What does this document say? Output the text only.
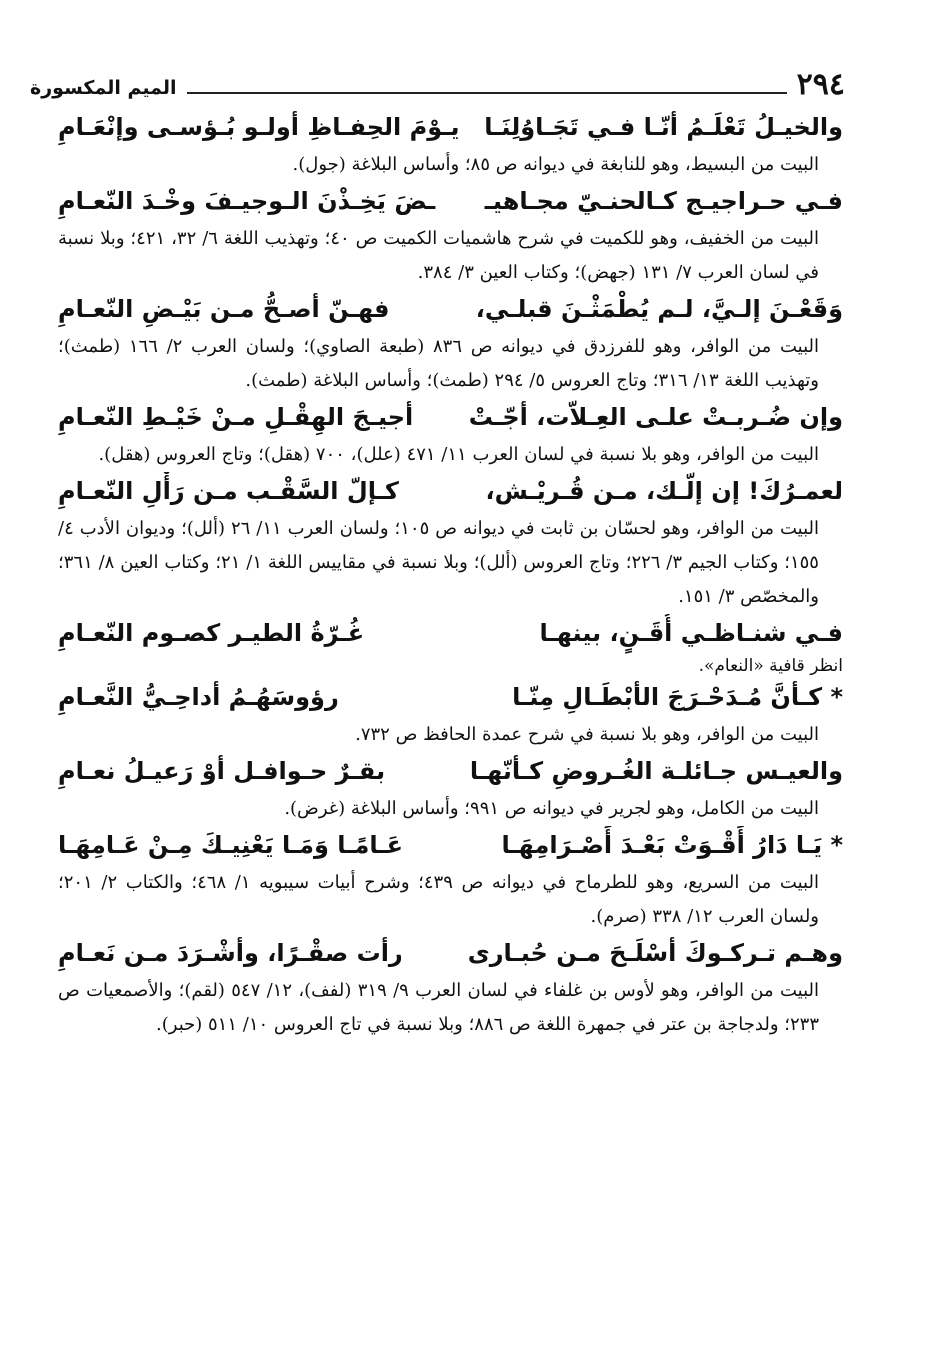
٢٩٤
الميم المكسورة
والخيـلُ تَعْلَـمُ أنّـا فـي تَجَـاوُلِنَـا
يـوْمَ الحِفـاظِ أولـو بُـؤسـى وإنْعَـامِ
البيت من البسيط، وهو للنابغة في ديوانه ص ٨٥؛ وأساس البلاغة (جول).
فـي حـراجيـج كـالحنـيّ مجـاهيـ
ـضَ يَخِـذْنَ الـوجيـفَ وخْـدَ النّعـامِ
البيت من الخفيف، وهو للكميت في شرح هاشميات الكميت ص ٤٠؛ وتهذيب اللغة ٦/ ٣٢، ٤٢١؛ وبلا نسبة في لسان العرب ٧/ ١٣١ (جهض)؛ وكتاب العين ٣/ ٣٨٤.
وَقَعْـنَ إلـيَّ، لـم يُطْمَثْـنَ قبلـي،
فهـنّ أصـحُّ مـن بَيْـضِ النّعـامِ
البيت من الوافر، وهو للفرزدق في ديوانه ص ٨٣٦ (طبعة الصاوي)؛ ولسان العرب ٢/ ١٦٦ (طمث)؛ وتهذيب اللغة ١٣/ ٣١٦؛ وتاج العروس ٥/ ٢٩٤ (طمث)؛ وأساس البلاغة (طمث).
وإن ضُـربـتْ علـى العِـلاّت، أجّـتْ
أجيـجَ الهِقْـلِ مـنْ خَيْـطِ النّعـامِ
البيت من الوافر، وهو بلا نسبة في لسان العرب ١١/ ٤٧١ (علل)، ٧٠٠ (هقل)؛ وتاج العروس (هقل).
لعمـرُكَ! إن إلّـك، مـن قُـريْـش،
كـإلّ السَّقْـب مـن رَأْلِ النّعـامِ
البيت من الوافر، وهو لحسّان بن ثابت في ديوانه ص ١٠٥؛ ولسان العرب ١١/ ٢٦ (ألل)؛ وديوان الأدب ٤/ ١٥٥؛ وكتاب الجيم ٣/ ٢٢٦؛ وتاج العروس (ألل)؛ وبلا نسبة في مقاييس اللغة ١/ ٢١؛ وكتاب العين ٨/ ٣٦١؛ والمخصّص ٣/ ١٥١.
فـي شنـاظـي أُقَـنٍ، بينهـا
غُـرّةُ الطيـر كصـوم النّعـامِ
انظر قافية «النعام».
* كـأنَّ مُـدَحْـرَجَ الأبْطَـالِ مِنّـا
رؤوسَهُـمُ أداحِـيُّ النَّعـامِ
البيت من الوافر، وهو بلا نسبة في شرح عمدة الحافظ ص ٧٣٢.
والعيـس جـائلـة الغُـروضِ كـأنّهـا
بقـرٌ حـوافـل أوْ رَعيـلُ نعـامِ
البيت من الكامل، وهو لجرير في ديوانه ص ٩٩١؛ وأساس البلاغة (غرض).
* يَـا دَارُ أَقْـوَتْ بَعْـدَ أَصْـرَامِهَـا
عَـامًـا وَمَـا يَعْنِيـكَ مِـنْ عَـامِهَـا
البيت من السريع، وهو للطرماح في ديوانه ص ٤٣٩؛ وشرح أبيات سيبويه ١/ ٤٦٨؛ والكتاب ٢/ ٢٠١؛ ولسان العرب ١٢/ ٣٣٨ (صرم).
وهـم تـركـوكَ أسْلَـحَ مـن حُبـارى
رأت صقْـرًا، وأشْـرَدَ مـن نَعـامِ
البيت من الوافر، وهو لأوس بن غلفاء في لسان العرب ٩/ ٣١٩ (لفف)، ١٢/ ٥٤٧ (لقم)؛ والأصمعيات ص ٢٣٣؛ ولدجاجة بن عتر في جمهرة اللغة ص ٨٨٦؛ وبلا نسبة في تاج العروس ١٠/ ٥١١ (حبر).
